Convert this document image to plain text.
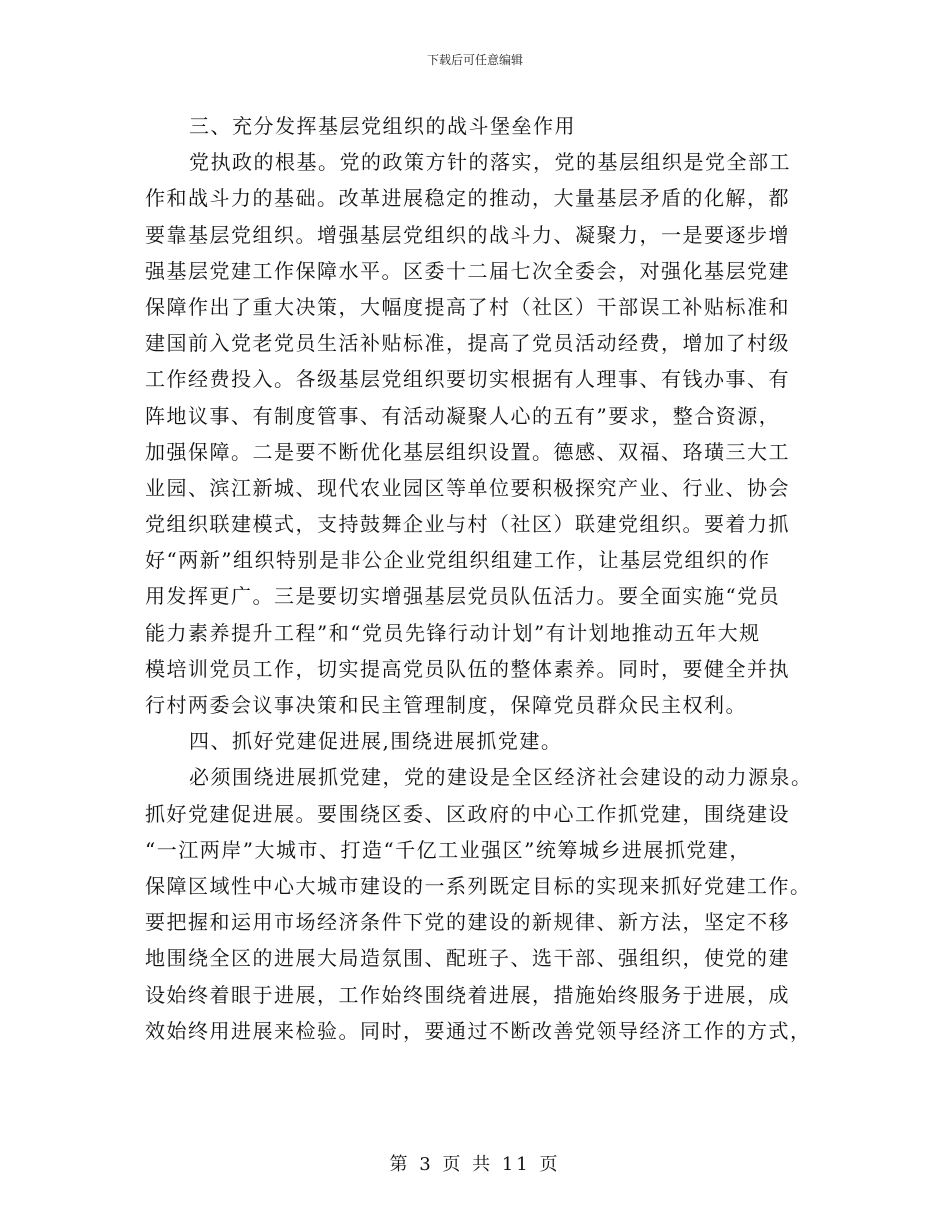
下载后可任意编辑
三、充分发挥基层党组织的战斗堡垒作用
党执政的根基。党的政策方针的落实，党的基层组织是党全部工
作和战斗力的基础。改革进展稳定的推动，大量基层矛盾的化解，都
要靠基层党组织。增强基层党组织的战斗力、凝聚力，一是要逐步增
强基层党建工作保障水平。区委十二届七次全委会，对强化基层党建
保障作出了重大决策，大幅度提高了村（社区）干部误工补贴标准和
建国前入党老党员生活补贴标准，提高了党员活动经费，增加了村级
工作经费投入。各级基层党组织要切实根据有人理事、有钱办事、有
阵地议事、有制度管事、有活动凝聚人心的五有”要求，整合资源，
加强保障。二是要不断优化基层组织设置。德感、双福、珞璜三大工
业园、滨江新城、现代农业园区等单位要积极探究产业、行业、协会
党组织联建模式，支持鼓舞企业与村（社区）联建党组织。要着力抓
好“两新”组织特别是非公企业党组织组建工作，让基层党组织的作
用发挥更广。三是要切实增强基层党员队伍活力。要全面实施“党员
能力素养提升工程”和“党员先锋行动计划”有计划地推动五年大规
模培训党员工作，切实提高党员队伍的整体素养。同时，要健全并执
行村两委会议事决策和民主管理制度，保障党员群众民主权利。
四、抓好党建促进展,围绕进展抓党建。
必须围绕进展抓党建，党的建设是全区经济社会建设的动力源泉。
抓好党建促进展。要围绕区委、区政府的中心工作抓党建，围绕建设
“一江两岸”大城市、打造“千亿工业强区”统筹城乡进展抓党建，
保障区域性中心大城市建设的一系列既定目标的实现来抓好党建工作。
要把握和运用市场经济条件下党的建设的新规律、新方法，坚定不移
地围绕全区的进展大局造氛围、配班子、选干部、强组织，使党的建
设始终着眼于进展，工作始终围绕着进展，措施始终服务于进展，成
效始终用进展来检验。同时，要通过不断改善党领导经济工作的方式，
第 3 页 共 11 页
